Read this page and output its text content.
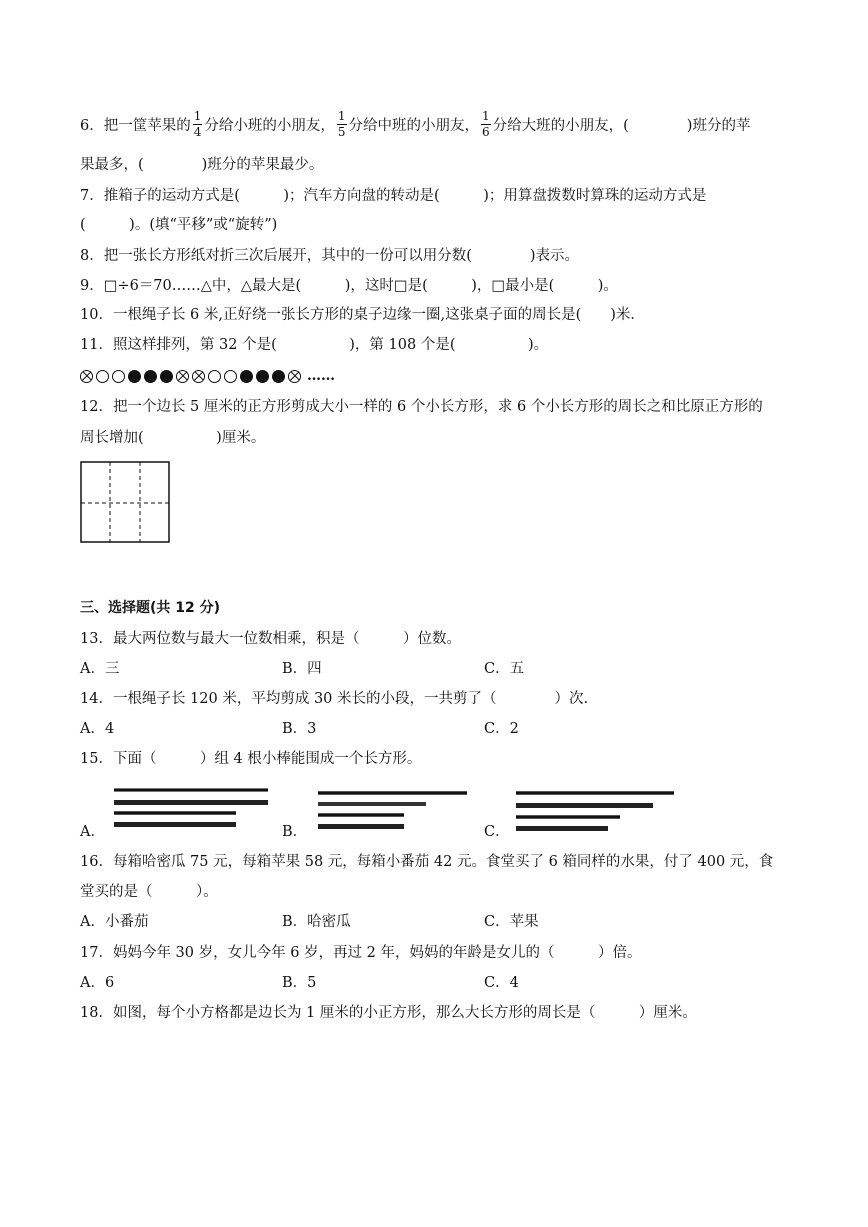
6．把一筐苹果的 $\frac{1}{4}$ 分给小班的小朋友， $\frac{1}{5}$ 分给中班的小朋友， $\frac{1}{6}$ 分给大班的小朋友，(　　　　)班分的苹
果最多，(　　　　)班分的苹果最少。
7．推箱子的运动方式是(　　　)；汽车方向盘的转动是(　　　)；用算盘拨数时算珠的运动方式是
(　　　)。(填“平移”或“旋转”)
8．把一张长方形纸对折三次后展开，其中的一份可以用分数(　　　　)表示。
9．□÷6＝70……△中，△最大是(　　　)，这时□是(　　　)，□最小是(　　　)。
10．一根绳子长 6 米,正好绕一张长方形的桌子边缘一圈,这张桌子面的周长是(　　)米．
11．照这样排列，第 32 个是(　　　　　)，第 108 个是(　　　　　)。
……
12．把一个边长 5 厘米的正方形剪成大小一样的 6 个小长方形，求 6 个小长方形的周长之和比原正方形的
周长增加(　　　　　)厘米。
三、选择题(共 12 分)
13．最大两位数与最大一位数相乘，积是（　　　）位数。
A．三	B．四	C．五
14．一根绳子长 120 米，平均剪成 30 米长的小段，一共剪了（　　　　）次.
A．4	B．3	C．2
15．下面（　　　）组 4 根小棒能围成一个长方形。
A．	B．	C．
16．每箱哈密瓜 75 元，每箱苹果 58 元，每箱小番茄 42 元。食堂买了 6 箱同样的水果，付了 400 元，食
堂买的是（　　　）。
A．小番茄	B．哈密瓜	C．苹果
17．妈妈今年 30 岁，女儿今年 6 岁，再过 2 年，妈妈的年龄是女儿的（　　　）倍。
A．6	B．5	C．4
18．如图，每个小方格都是边长为 1 厘米的小正方形，那么大长方形的周长是（　　　）厘米。
